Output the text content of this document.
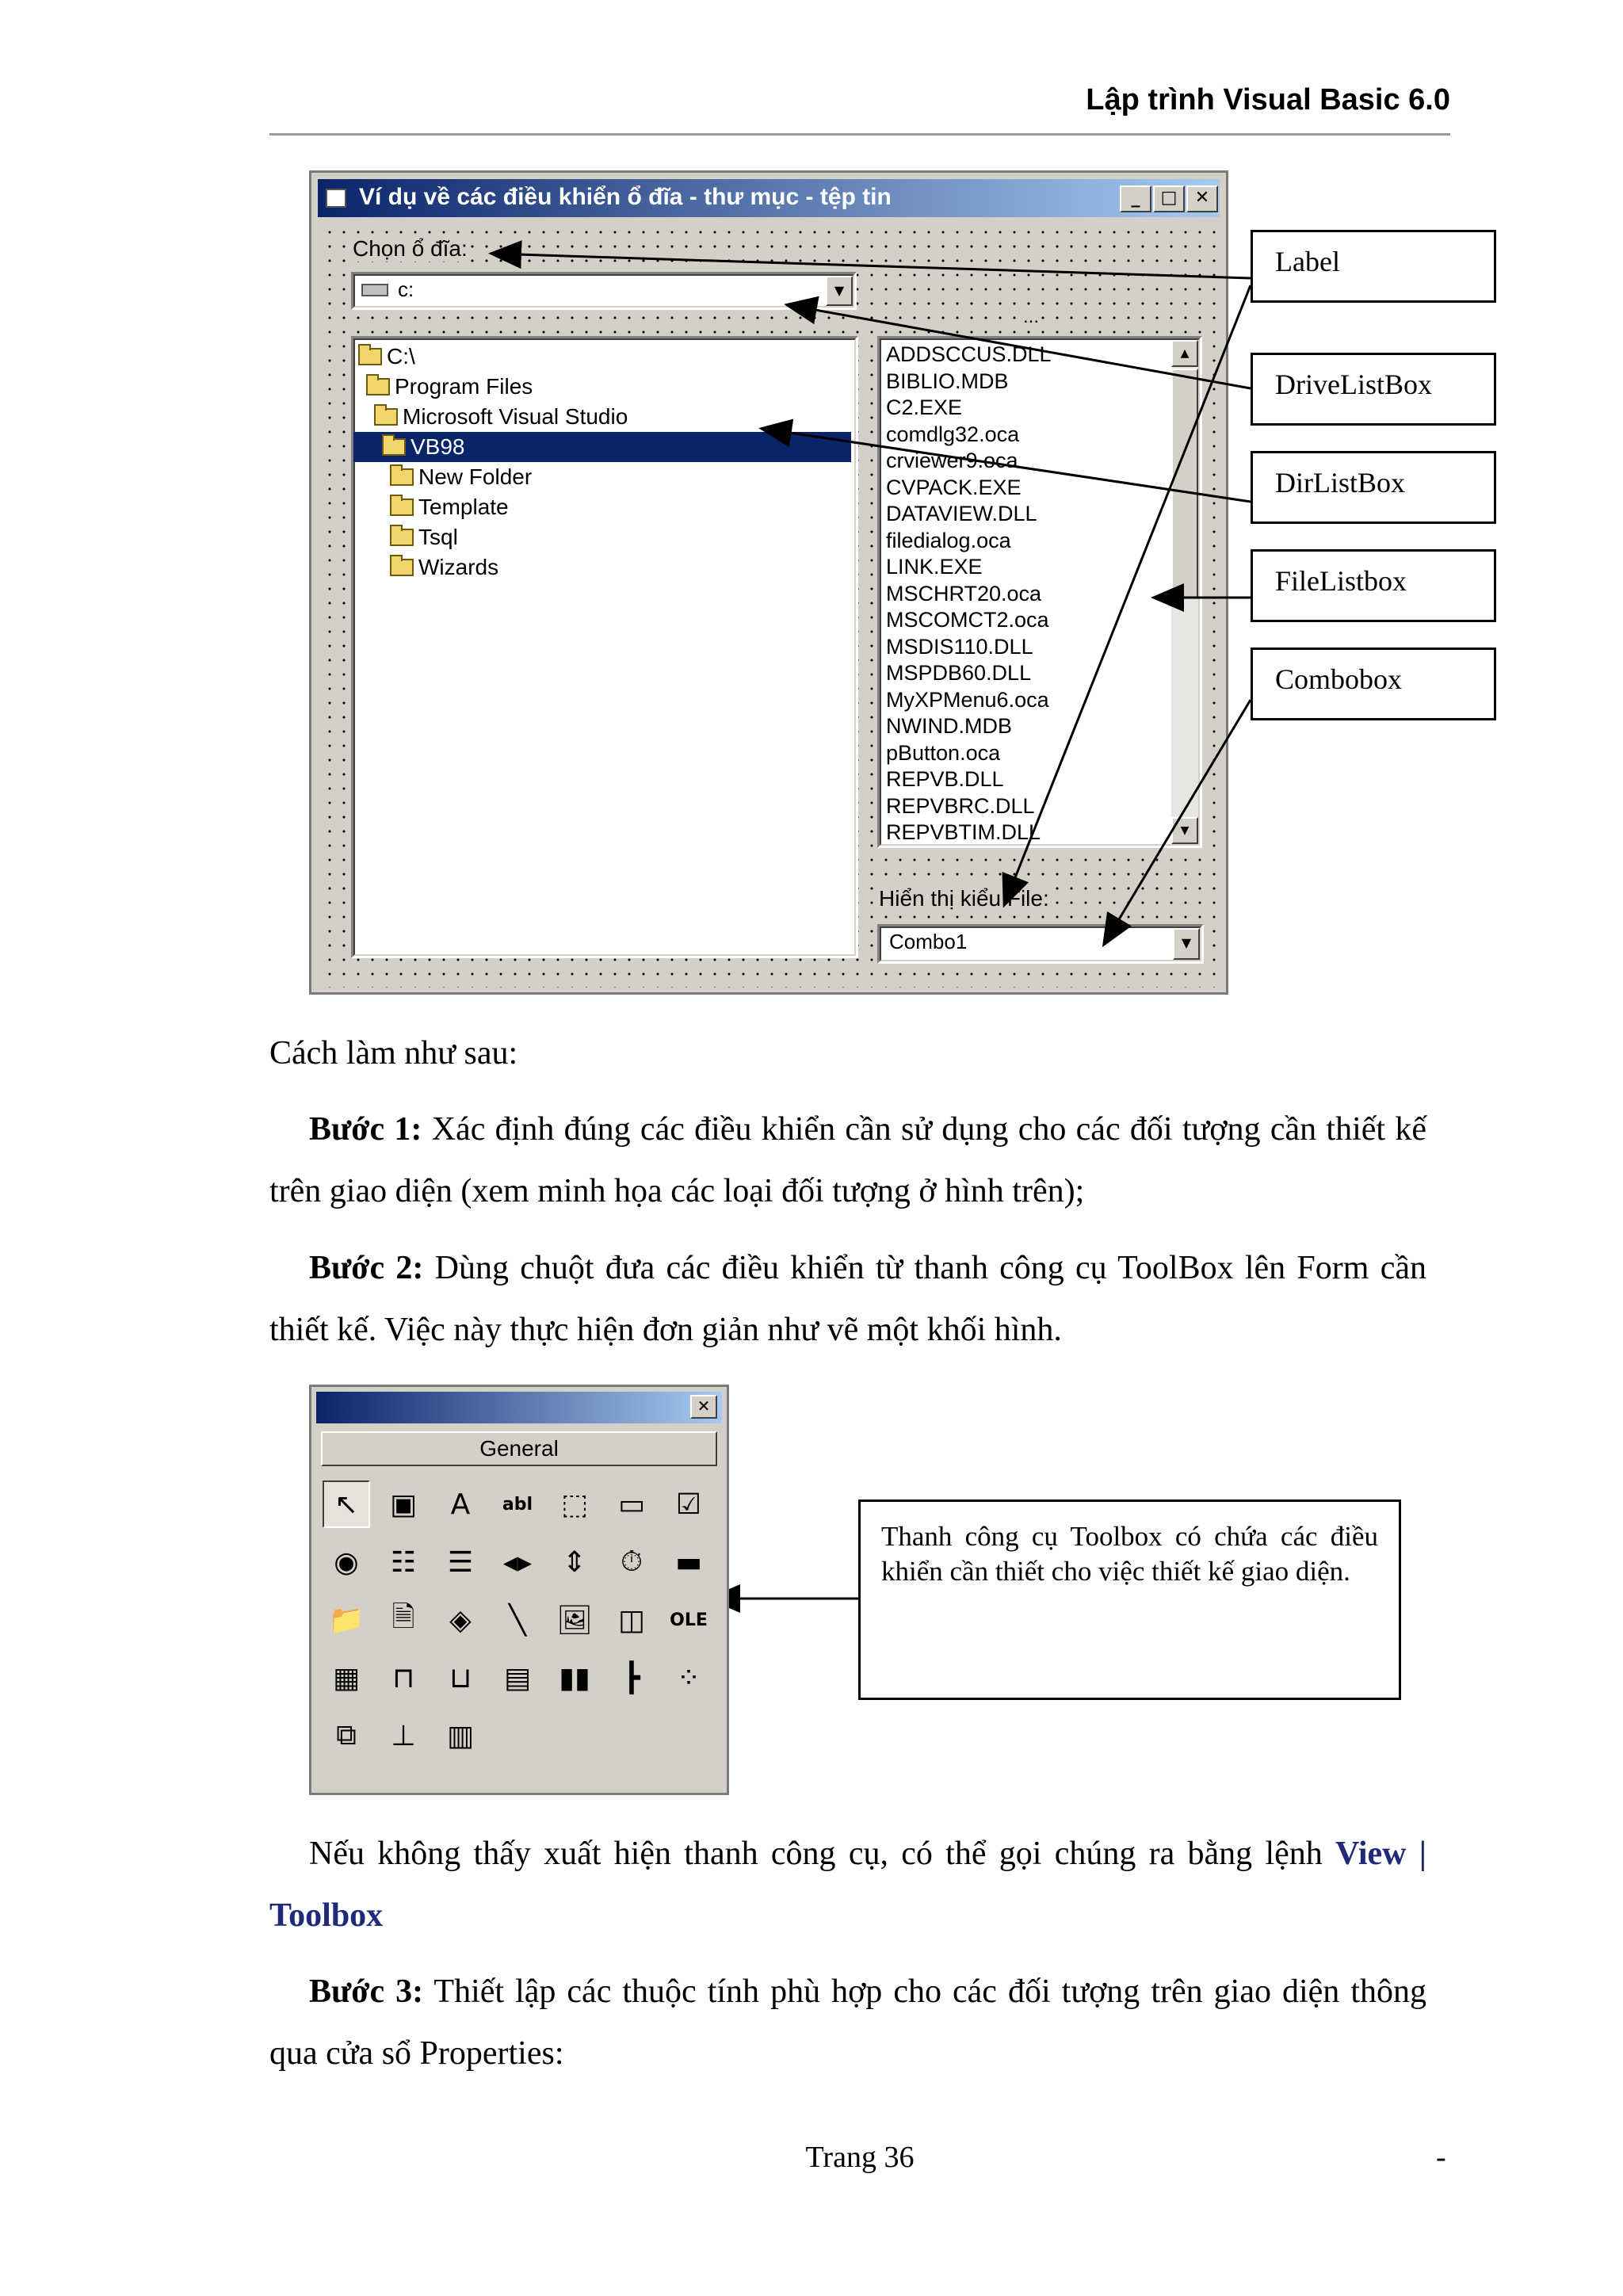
Lập trình Visual Basic 6.0
Ví dụ về các điều khiển ổ đĩa - thư mục - tệp tin	_	□	✕
Chọn ổ đĩa:
c:	▼
...
C:\
Program Files
Microsoft Visual Studio
VB98
New Folder
Template
Tsql
Wizards
ADDSCCUS.DLL
BIBLIO.MDB
C2.EXE
comdlg32.oca
crviewer9.oca
CVPACK.EXE
DATAVIEW.DLL
filedialog.oca
LINK.EXE
MSCHRT20.oca
MSCOMCT2.oca
MSDIS110.DLL
MSPDB60.DLL
MyXPMenu6.oca
NWIND.MDB
pButton.oca
REPVB.DLL
REPVBRC.DLL
REPVBTIM.DLL
▲
▼
Hiển thị kiểu File:
Combo1	▼
Label
DriveListBox
DirListBox
FileListbox
Combobox
Cách làm như sau:
Bước 1: Xác định đúng các điều khiển cần sử dụng cho các đối tượng cần thiết kế trên giao diện (xem minh họa các loại đối tượng ở hình trên);
Bước 2: Dùng chuột đưa các điều khiển từ thanh công cụ ToolBox lên Form cần thiết kế. Việc này thực hiện đơn giản như vẽ một khối hình.
✕
General
↖	▣	A	abl ⬚	▭	☑
◉	☷	☰	◂▸	⇕	⏱	▬
📁 🗎	◈	╲	🖼 ◫	OLE
▦	⊓	⊔	▤ ▮▮	┣	⁘
⧉	⊥	▥
Thanh công cụ Toolbox có chứa các điều khiển cần thiết cho việc thiết kế giao diện.
Nếu không thấy xuất hiện thanh công cụ, có thể gọi chúng ra bằng lệnh View | Toolbox
Bước 3: Thiết lập các thuộc tính phù hợp cho các đối tượng trên giao diện thông qua cửa sổ Properties:
Trang 36	-
